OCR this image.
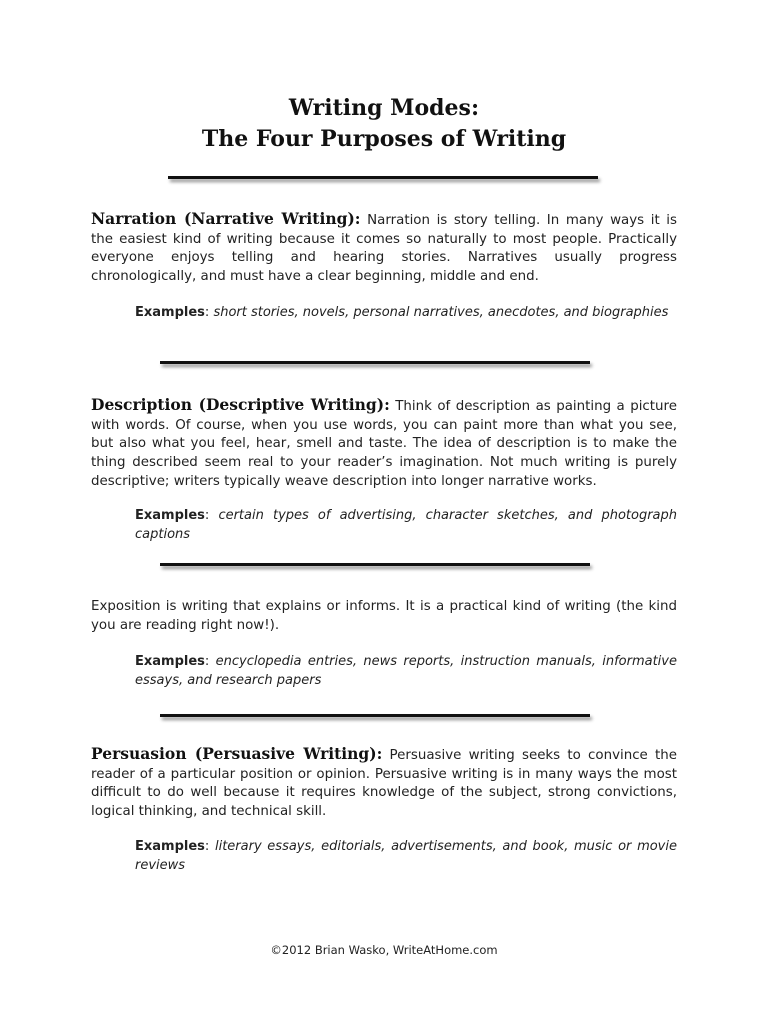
Writing Modes:
The Four Purposes of Writing

Narration (Narrative Writing): Narration is story telling. In many ways it is the easiest kind of writing because it comes so naturally to most people. Practically everyone enjoys telling and hearing stories. Narratives usually progress chronologically, and must have a clear beginning, middle and end.

Examples: short stories, novels, personal narratives, anecdotes, and biographies

Description (Descriptive Writing): Think of description as painting a picture with words. Of course, when you use words, you can paint more than what you see, but also what you feel, hear, smell and taste. The idea of description is to make the thing described seem real to your reader’s imagination. Not much writing is purely descriptive; writers typically weave description into longer narrative works.

Examples: certain types of advertising, character sketches, and photograph captions

Exposition is writing that explains or informs. It is a practical kind of writing (the kind you are reading right now!).

Examples: encyclopedia entries, news reports, instruction manuals, informative essays, and research papers

Persuasion (Persuasive Writing): Persuasive writing seeks to convince the reader of a particular position or opinion. Persuasive writing is in many ways the most difficult to do well because it requires knowledge of the subject, strong convictions, logical thinking, and technical skill.

Examples: literary essays, editorials, advertisements, and book, music or movie reviews

©2012 Brian Wasko, WriteAtHome.com
